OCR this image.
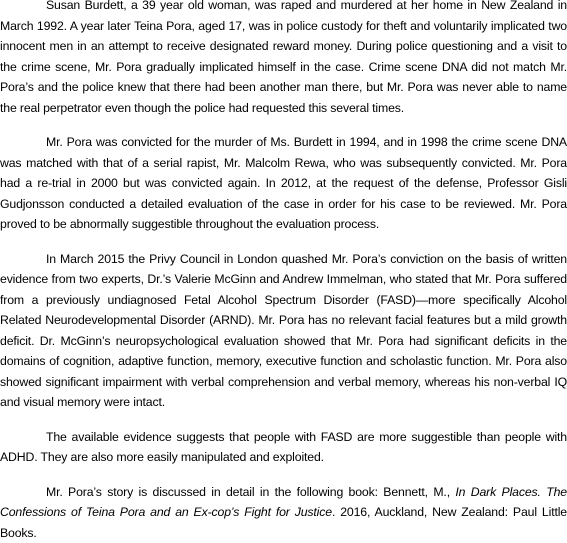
Susan Burdett, a 39 year old woman, was raped and murdered at her home in New Zealand in March 1992. A year later Teina Pora, aged 17, was in police custody for theft and voluntarily implicated two innocent men in an attempt to receive designated reward money. During police questioning and a visit to the crime scene, Mr. Pora gradually implicated himself in the case. Crime scene DNA did not match Mr. Pora’s and the police knew that there had been another man there, but Mr. Pora was never able to name the real perpetrator even though the police had requested this several times.

Mr. Pora was convicted for the murder of Ms. Burdett in 1994, and in 1998 the crime scene DNA was matched with that of a serial rapist, Mr. Malcolm Rewa, who was subsequently convicted. Mr. Pora had a re-trial in 2000 but was convicted again. In 2012, at the request of the defense, Professor Gisli Gudjonsson conducted a detailed evaluation of the case in order for his case to be reviewed. Mr. Pora proved to be abnormally suggestible throughout the evaluation process.

In March 2015 the Privy Council in London quashed Mr. Pora’s conviction on the basis of written evidence from two experts, Dr.’s Valerie McGinn and Andrew Immelman, who stated that Mr. Pora suffered from a previously undiagnosed Fetal Alcohol Spectrum Disorder (FASD)—more specifically Alcohol Related Neurodevelopmental Disorder (ARND). Mr. Pora has no relevant facial features but a mild growth deficit. Dr. McGinn’s neuropsychological evaluation showed that Mr. Pora had significant deficits in the domains of cognition, adaptive function, memory, executive function and scholastic function. Mr. Pora also showed significant impairment with verbal comprehension and verbal memory, whereas his non-verbal IQ and visual memory were intact.

The available evidence suggests that people with FASD are more suggestible than people with ADHD. They are also more easily manipulated and exploited.

Mr. Pora’s story is discussed in detail in the following book: Bennett, M., In Dark Places. The Confessions of Teina Pora and an Ex-cop’s Fight for Justice. 2016, Auckland, New Zealand: Paul Little Books.
